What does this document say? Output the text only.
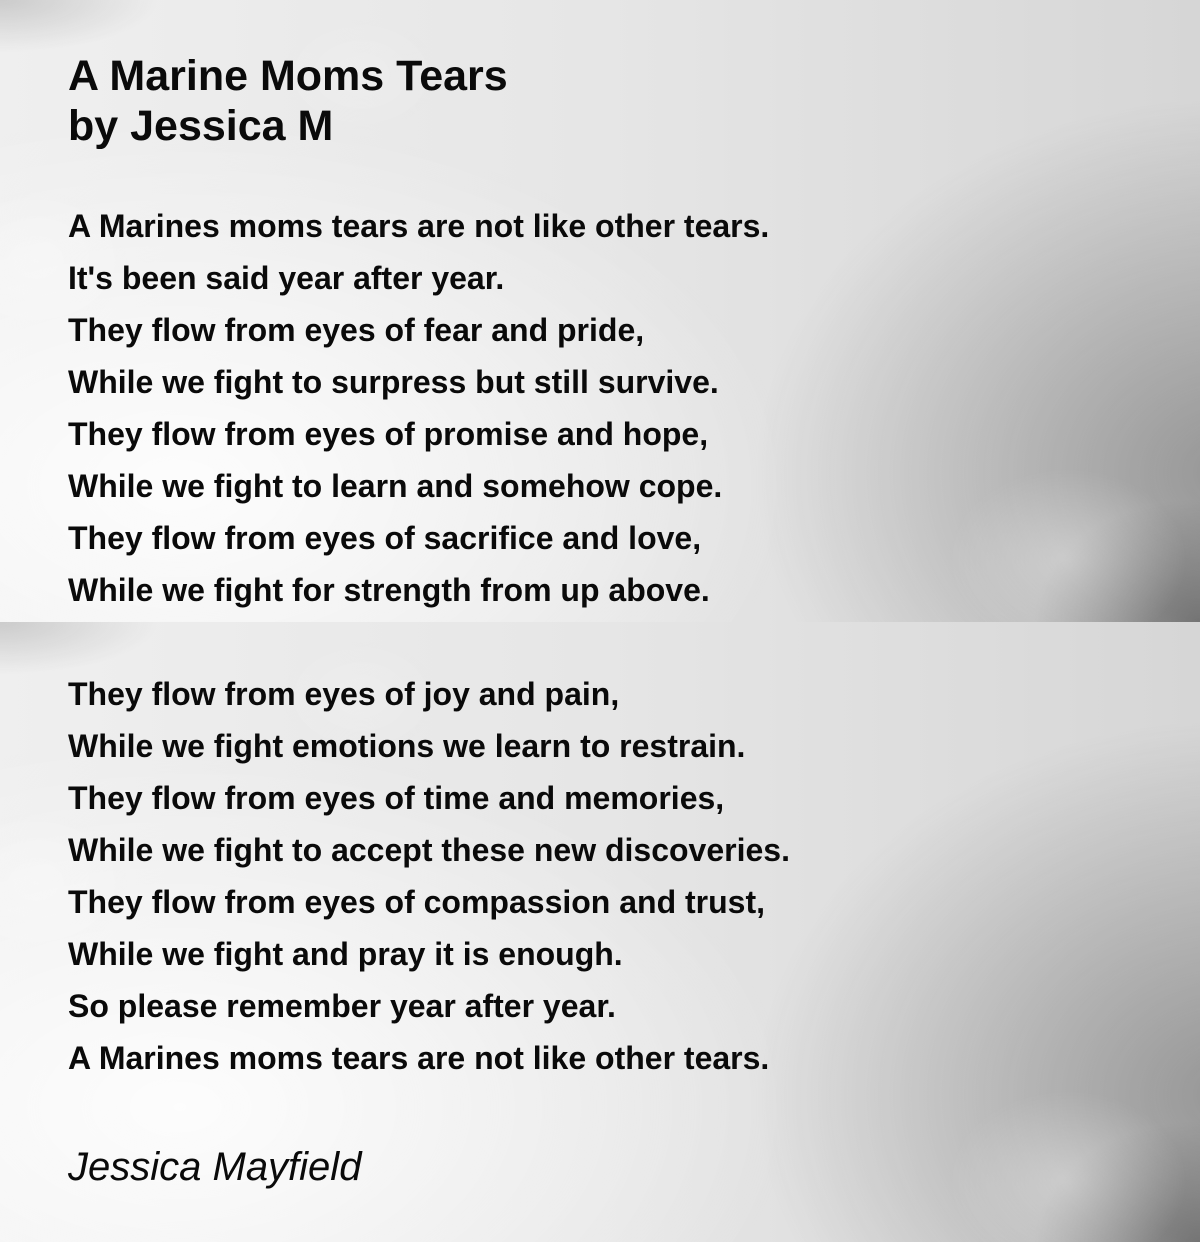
A Marine Moms Tears
by Jessica M
A Marines moms tears are not like other tears.
It's been said year after year.
They flow from eyes of fear and pride,
While we fight to surpress but still survive.
They flow from eyes of promise and hope,
While we fight to learn and somehow cope.
They flow from eyes of sacrifice and love,
While we fight for strength from up above.
They flow from eyes of joy and pain,
While we fight emotions we learn to restrain.
They flow from eyes of time and memories,
While we fight to accept these new discoveries.
They flow from eyes of compassion and trust,
While we fight and pray it is enough.
So please remember year after year.
A Marines moms tears are not like other tears.
Jessica Mayfield
